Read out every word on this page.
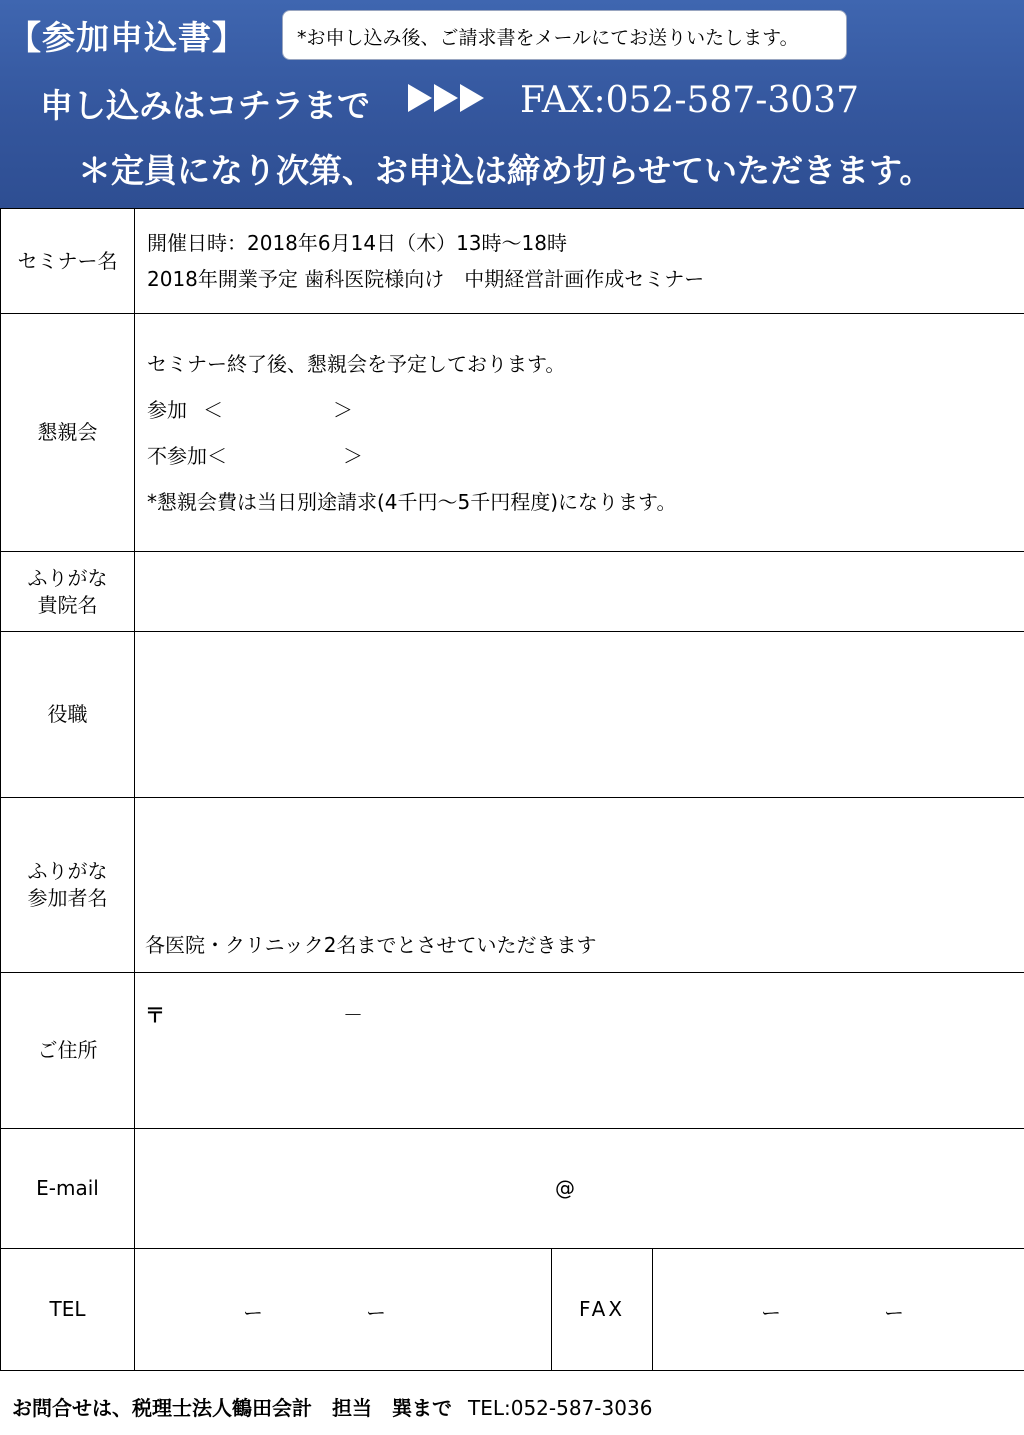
【参加申込書】	*お申し込み後、ご請求書をメールにてお送りいたします。
申し込みはコチラまで	FAX:052-587-3037
＊定員になり次第、お申込は締め切らせていただきます。
セミナー名	開催日時：2018年6月14日（木）13時～18時
2018年開業予定 歯科医院様向け　中期経営計画作成セミナー		

懇親会	セミナー終了後、懇親会を予定しております。
参加 ＜ ＞
不参加＜ ＞
*懇親会費は当日別途請求(4千円～5千円程度)になります。		

ふりがな
貴院名			

役職			

ふりがな
参加者名	各医院・クリニック2名までとさせていただきます		

ご住所	〒 －		

E-mail	@		

TEL	ー ー	FAX	ー ー
お問合せは、税理士法人鶴田会計　担当　巽まで TEL:052-587-3036
